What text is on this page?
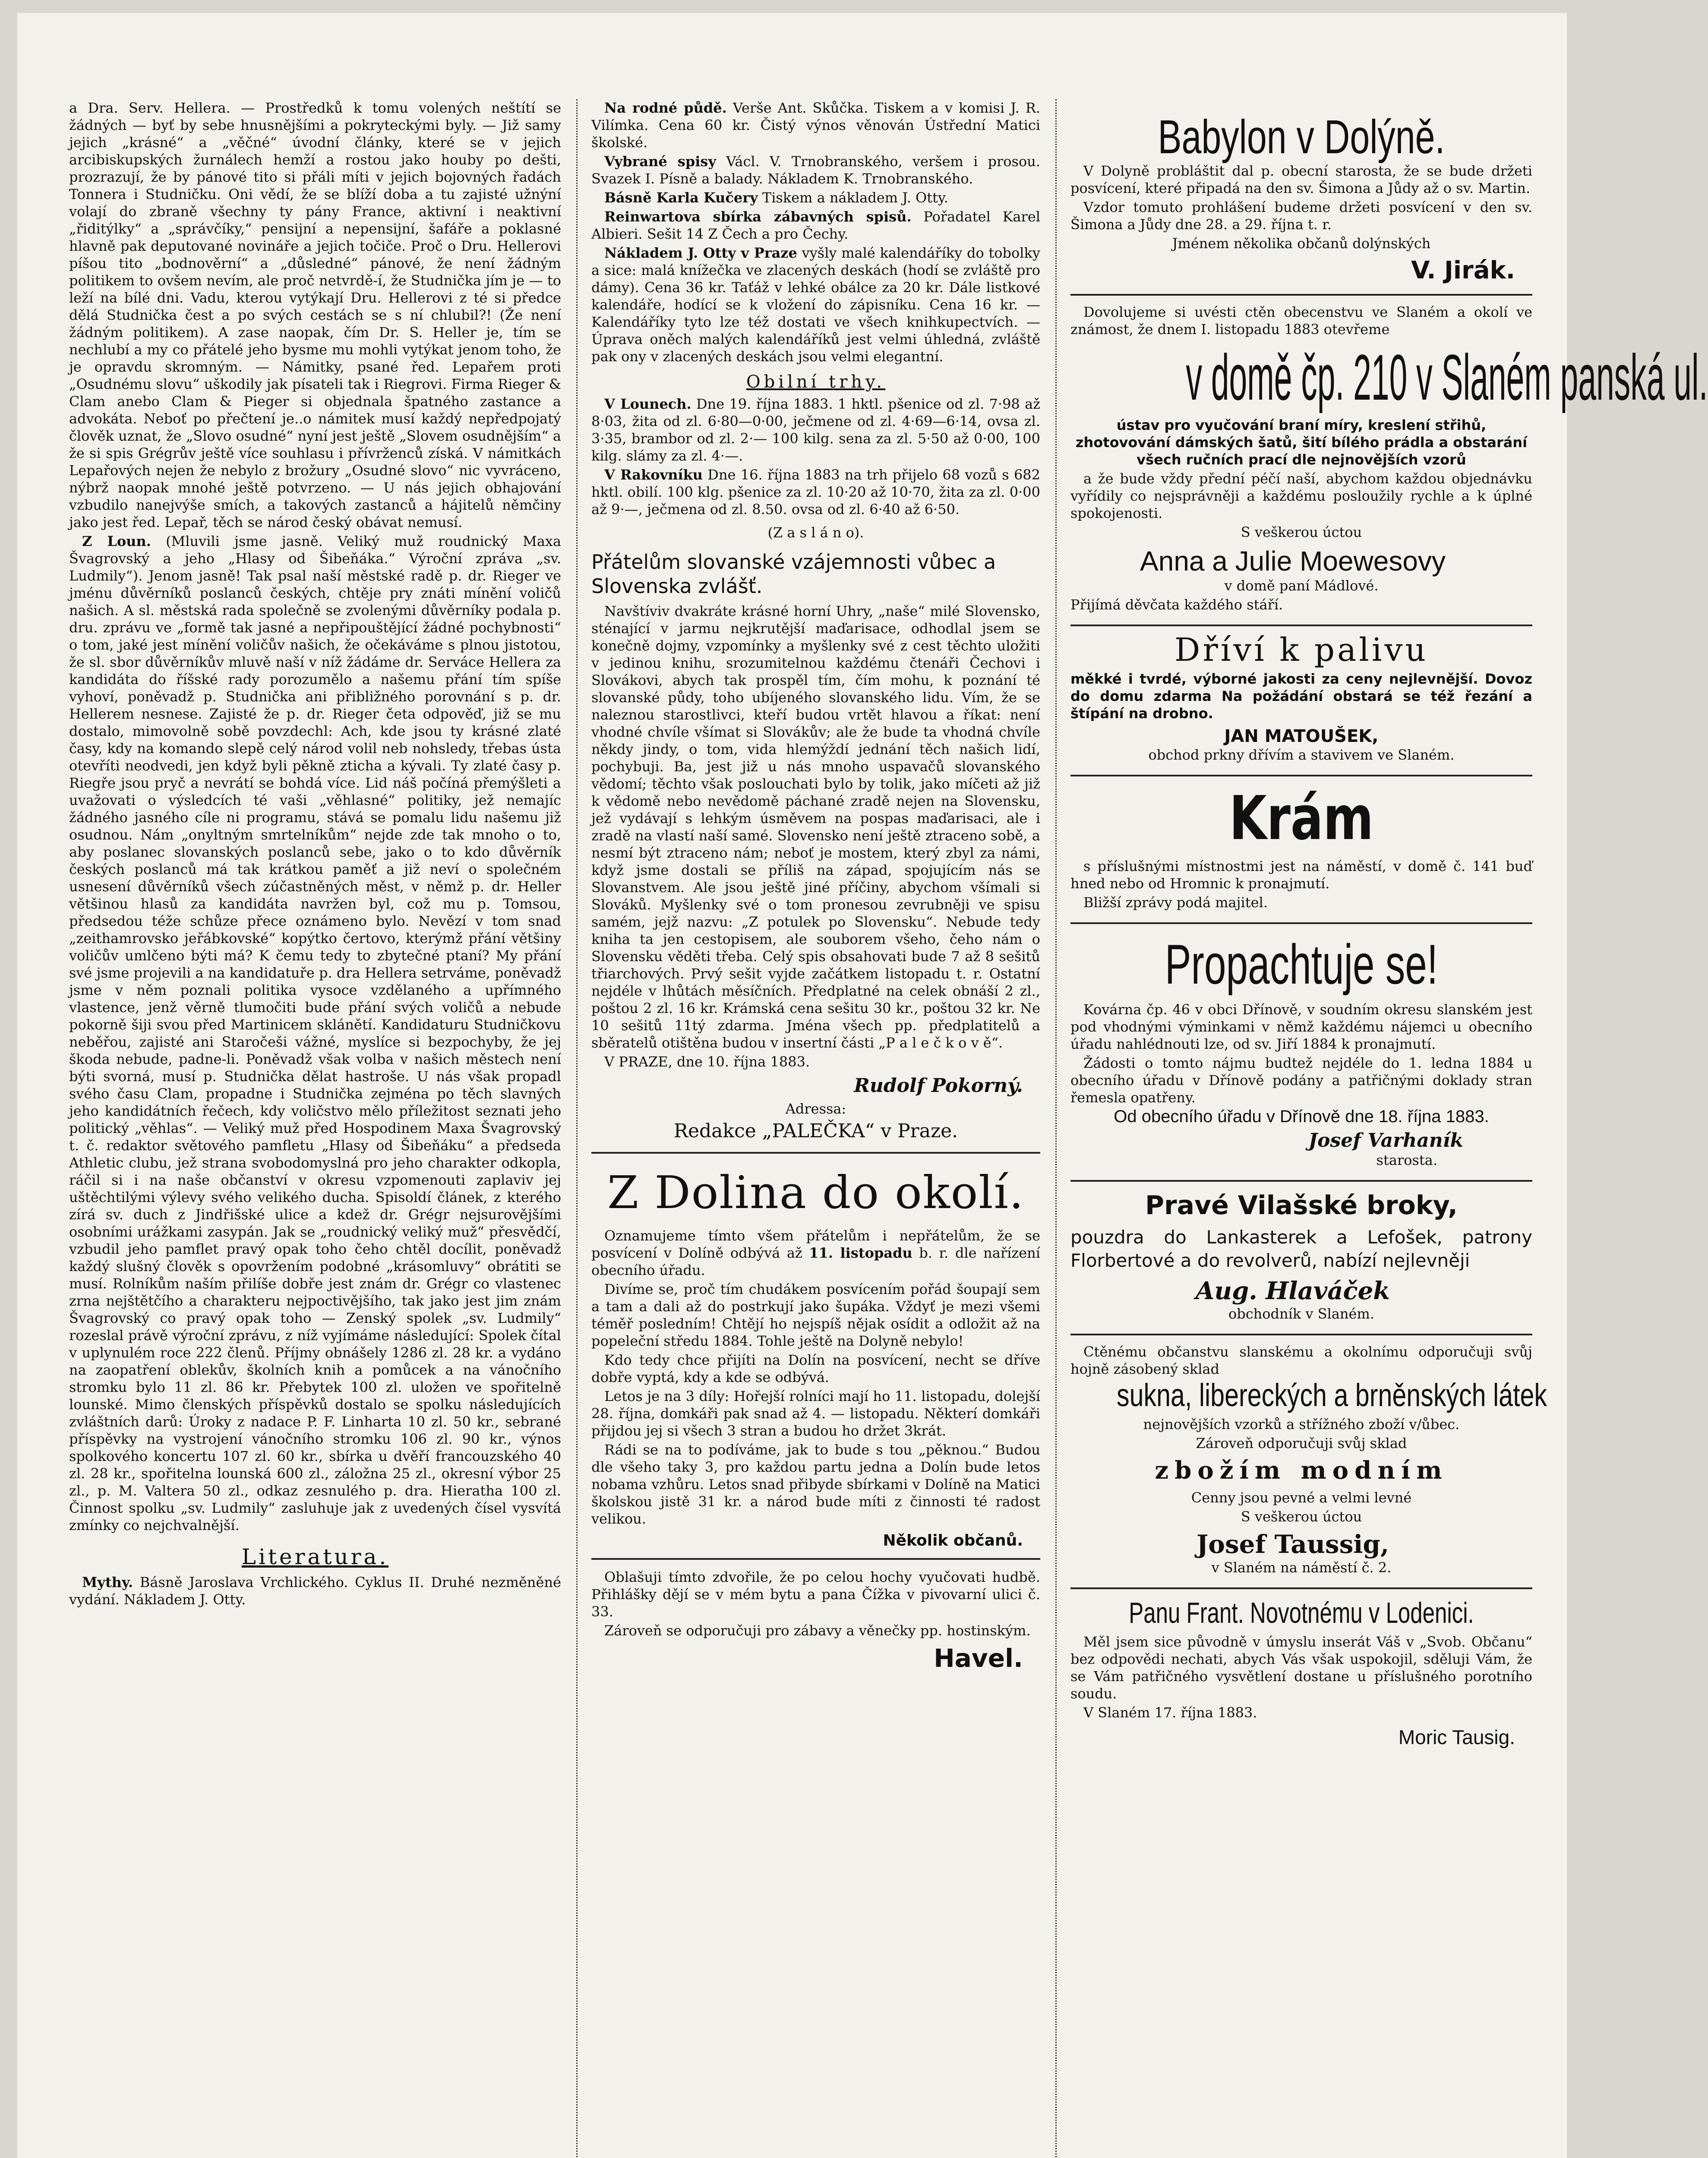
a Dra. Serv. Hellera. — Prostředků k tomu volených neštítí se žádných — byť by sebe hnusnějšími a pokryteckými byly. — Již samy jejich „krásné“ a „věčné“ úvodní články, které se v jejich arcibiskupských žurnálech hemží a rostou jako houby po dešti, prozrazují, že by pánové tito si přáli míti v jejich bojovných řadách Tonnera i Studničku. Oni vědí, že se blíží doba a tu zajisté užnýní volají do zbraně všechny ty pány France, aktivní i neaktivní „řiditýlky“ a „správčíky,“ pensijní a nepensijní, šafáře a poklasné hlavně pak deputované novináře a jejich točiče. Proč o Dru. Hellerovi píšou tito „bodnověrní“ a „důsledné“ pánové, že není žádným politikem to ovšem nevím, ale proč netvrdě-í, že Studnička jím je — to leží na bílé dni. Vadu, kterou vytýkají Dru. Hellerovi z té si předce dělá Studnička čest a po svých cestách se s ní chlubil?! (Že není žádným politikem). A zase naopak, čím Dr. S. Heller je, tím se nechlubí a my co přátelé jeho bysme mu mohli vytýkat jenom toho, že je opravdu skromným. — Námitky, psané řed. Lepařem proti „Osudnému slovu“ uškodily jak písateli tak i Riegrovi. Firma Rieger & Clam anebo Clam & Pieger si objednala špatného zastance a advokáta. Neboť po přečtení je..o námitek musí každý nepředpojatý člověk uznat, že „Slovo osudné“ nyní jest ještě „Slovem osudnějším“ a že si spis Grégrův ještě více souhlasu i přívrženců získá. V námitkách Lepařových nejen že nebylo z brožury „Osudné slovo“ nic vyvráceno, nýbrž naopak mnohé ještě potvrzeno. — U nás jejich obhajování vzbudilo nanejvýše smích, a takových zastanců a hájitelů němčiny jako jest řed. Lepař, těch se národ český obávat nemusí.

Z Loun. (Mluvili jsme jasně. Veliký muž roudnický Maxa Švagrovský a jeho „Hlasy od Šibeňáka.“ Výroční zpráva „sv. Ludmily“). Jenom jasně! Tak psal naší městské radě p. dr. Rieger ve jménu důvěrníků poslanců českých, chtěje pry znáti mínění voličů našich. A sl. městská rada společně se zvolenými důvěrníky podala p. dru. zprávu ve „formě tak jasné a nepřipouštějící žádné pochybnosti“ o tom, jaké jest mínění voličův našich, že očekáváme s plnou jistotou, že sl. sbor důvěrníkův mluvě naší v níž žádáme dr. Serváce Hellera za kandidáta do říšské rady porozumělo a našemu přání tím spíše vyhoví, poněvadž p. Studnička ani přibližného porovnání s p. dr. Hellerem nesnese. Zajisté že p. dr. Rieger četa odpověď, již se mu dostalo, mimovolně sobě povzdechl: Ach, kde jsou ty krásné zlaté časy, kdy na komando slepě celý národ volil neb nohsledy, třebas ústa otevříti neodvedi, jen když byli pěkně zticha a kývali. Ty zlaté časy p. Riegře jsou pryč a nevrátí se bohdá více. Lid náš počíná přemýšleti a uvažovati o výsledcích té vaši „věhlasné“ politiky, jež nemajíc žádného jasného cíle ni programu, stává se pomalu lidu našemu již osudnou. Nám „onyltným smrtelníkům“ nejde zde tak mnoho o to, aby poslanec slovanských poslanců sebe, jako o to kdo důvěrník českých poslanců má tak krátkou paměť a již neví o společném usnesení důvěrníků všech zúčastněných měst, v němž p. dr. Heller většinou hlasů za kandidáta navržen byl, což mu p. Tomsou, předsedou téže schůze přece oznámeno bylo. Nevězí v tom snad „zeithamrovsko jeřábkovské“ kopýtko čertovo, kterýmž přání většiny voličův umlčeno býti má? K čemu tedy to zbytečné ptaní? My přání své jsme projevili a na kandidatuře p. dra Hellera setrváme, poněvadž jsme v něm poznali politika vysoce vzdělaného a upřímného vlastence, jenž věrně tlumočiti bude přání svých voličů a nebude pokorně šiji svou před Martinicem sklánětí. Kandidaturu Studničkovu neběřou, zajisté ani Staročeši vážné, myslíce si bezpochyby, že jej škoda nebude, padne-li. Poněvadž však volba v našich městech není býti svorná, musí p. Studnička dělat hastroše. U nás však propadl svého času Clam, propadne i Studnička zejména po těch slavných jeho kandidátních řečech, kdy voličstvo mělo příležitost seznati jeho politický „věhlas“. — Veliký muž před Hospodinem Maxa Švagrovský t. č. redaktor světového pamfletu „Hlasy od Šibeňáku“ a předseda Athletic clubu, jež strana svobodomyslná pro jeho charakter odkopla, ráčil si i na naše občanství v okresu vzpomenouti zaplaviv jej uštěchtilými výlevy svého velikého ducha. Spisoldí článek, z kterého zírá sv. duch z Jindřišské ulice a kdež dr. Grégr nejsurovějšími osobními urážkami zasypán. Jak se „roudnický veliký muž“ přesvědčí, vzbudil jeho pamflet pravý opak toho čeho chtěl docílit, poněvadž každý slušný člověk s opovržením podobné „krásomluvy“ obrátiti se musí. Rolníkům naším přilíše dobře jest znám dr. Grégr co vlastenec zrna nejštětčího a charakteru nejpoctivějšího, tak jako jest jim znám Švagrovský co pravý opak toho — Zenský spolek „sv. Ludmily“ rozeslal právě výroční zprávu, z níž vyjímáme následující: Spolek čítal v uplynulém roce 222 členů. Příjmy obnášely 1286 zl. 28 kr. a vydáno na zaopatření oblekův, školních knih a pomůcek a na vánočního stromku bylo 11 zl. 86 kr. Přebytek 100 zl. uložen ve spořitelně lounské. Mimo členských příspěvků dostalo se spolku následujících zvláštních darů: Úroky z nadace P. F. Linharta 10 zl. 50 kr., sebrané příspěvky na vystrojení vánočního stromku 106 zl. 90 kr., výnos spolkového koncertu 107 zl. 60 kr., sbírka u dvěří francouzského 40 zl. 28 kr., spořitelna lounská 600 zl., záložna 25 zl., okresní výbor 25 zl., p. M. Valtera 50 zl., odkaz zesnulého p. dra. Hieratha 100 zl. Činnost spolku „sv. Ludmily“ zasluhuje jak z uvedených čísel vysvítá zmínky co nejchvalnější.

Literatura.

Mythy. Básně Jaroslava Vrchlického. Cyklus II. Druhé nezměněné vydání. Nákladem J. Otty.

Na rodné půdě. Verše Ant. Skůčka. Tiskem a v komisi J. R. Vilímka. Cena 60 kr. Čistý výnos věnován Ústřední Matici školské.

Vybrané spisy Václ. V. Trnobranského, veršem i prosou. Svazek I. Písně a balady. Nákladem K. Trnobranského.

Básně Karla Kučery Tiskem a nákladem J. Otty.

Reinwartova sbírka zábavných spisů. Pořadatel Karel Albieri. Sešit 14 Z Čech a pro Čechy.

Nákladem J. Otty v Praze vyšly malé kalendáříky do tobolky a sice: malá knížečka ve zlacených deskách (hodí se zvláště pro dámy). Cena 36 kr. Taťáž v lehké obálce za 20 kr. Dále listkové kalendáře, hodící se k vložení do zápisníku. Cena 16 kr. — Kalendáříky tyto lze též dostati ve všech knihkupectvích. — Úprava oněch malých kalendáříků jest velmi úhledná, zvláště pak ony v zlacených deskách jsou velmi elegantní.

Obilní trhy.

V Lounech. Dne 19. října 1883. 1 hktl. pšenice od zl. 7·98 až 8·03, žita od zl. 6·80—0·00, ječmene od zl. 4·69—6·14, ovsa zl. 3·35, brambor od zl. 2·— 100 kilg. sena za zl. 5·50 až 0·00, 100 kilg. slámy za zl. 4·—.

V Rakovníku Dne 16. října 1883 na trh přijelo 68 vozů s 682 hktl. obilí. 100 klg. pšenice za zl. 10·20 až 10·70, žita za zl. 0·00 až 9·—, ječmena od zl. 8.50. ovsa od zl. 6·40 až 6·50.

(Z a s l á n o).

Přátelům slovanské vzájemnosti vůbec a Slovenska zvlášť.

Navštíviv dvakráte krásné horní Uhry, „naše“ milé Slovensko, sténající v jarmu nejkrutější maďarisace, odhodlal jsem se konečně dojmy, vzpomínky a myšlenky své z cest těchto uložiti v jedinou knihu, srozumitelnou každému čtenáři Čechovi i Slovákovi, abych tak prospěl tím, čím mohu, k poznání té slovanské půdy, toho ubíjeného slovanského lidu. Vím, že se naleznou starostlivci, kteří budou vrtět hlavou a říkat: není vhodné chvíle všímat si Slovákův; ale že bude ta vhodná chvíle někdy jindy, o tom, vida hlemýždí jednání těch našich lidí, pochybuji. Ba, jest již u nás mnoho uspavačů slovanského vědomí; těchto však poslouchati bylo by tolik, jako míčeti až již k vědomě nebo nevědomě páchané zradě nejen na Slovensku, jež vydávají s lehkým úsměvem na pospas maďarisaci, ale i zradě na vlastí naší samé. Slovensko není ještě ztraceno sobě, a nesmí být ztraceno nám; neboť je mostem, který zbyl za námi, když jsme dostali se příliš na západ, spojujícím nás se Slovanstvem. Ale jsou ještě jiné příčiny, abychom všímali si Slováků. Myšlenky své o tom pronesou zevrubněji ve spisu samém, jejž nazvu: „Z potulek po Slovensku“. Nebude tedy kniha ta jen cestopisem, ale souborem všeho, čeho nám o Slovensku věděti třeba. Celý spis obsahovati bude 7 až 8 sešitů třiarchových. Prvý sešit vyjde začátkem listopadu t. r. Ostatní nejdéle v lhůtách měsíčních. Předplatné na celek obnáší 2 zl., poštou 2 zl. 16 kr. Krámská cena sešitu 30 kr., poštou 32 kr. Ne 10 sešitů 11tý zdarma. Jména všech pp. předplatitelů a sběratelů otištěna budou v insertní části „P a l e č k o v ě“.

V PRAZE, dne 10. října 1883.

Rudolf Pokorný.

Adressa:

Redakce „PALEČKA“ v Praze.

Z Dolina do okolí.

Oznamujeme tímto všem přátelům i nepřátelům, že se posvícení v Dolíně odbývá až 11. listopadu b. r. dle nařízení obecního úřadu.

Divíme se, proč tím chudákem posvícením pořád šoupají sem a tam a dali až do postrkují jako šupáka. Vždyť je mezi všemi téměř posledním! Chtějí ho nejspíš nějak osídit a odložit až na popeleční středu 1884. Tohle ještě na Dolyně nebylo!

Kdo tedy chce přijíti na Dolín na posvícení, necht se dříve dobře vyptá, kdy a kde se odbývá.

Letos je na 3 díly: Hořejší rolníci mají ho 11. listopadu, dolejší 28. října, domkáři pak snad až 4. — listopadu. Některí domkáři přijdou jej si všech 3 stran a budou ho držet 3krát.

Rádi se na to podíváme, jak to bude s tou „pěknou.“ Budou dle všeho taky 3, pro každou partu jedna a Dolín bude letos nobama vzhůru. Letos snad přibyde sbírkami v Dolíně na Matici školskou jistě 31 kr. a národ bude míti z činnosti té radost velikou.

Několik občanů.

Oblašuji tímto zdvořile, že po celou hochy vyučovati hudbě. Přihlášky dějí se v mém bytu a pana Čížka v pivovarní ulici č. 33.

Zároveň se odporučuji pro zábavy a věnečky pp. hostinským.

Havel.
Babylon v Dolýně.

V Dolyně probláštit dal p. obecní starosta, že se bude držeti posvícení, které připadá na den sv. Šimona a Jůdy až o sv. Martin.

Vzdor tomuto prohlášení budeme držeti posvícení v den sv. Šimona a Jůdy dne 28. a 29. října t. r.

Jménem několika občanů dolýnských

V. Jirák.

Dovolujeme si uvésti ctěn obecenstvu ve Slaném a okolí ve známost, že dnem I. listopadu 1883 otevřeme

v domě čp. 210 v Slaném panská ul.

ústav pro vyučování braní míry, kreslení střihů, zhotovování dámských šatů, šití bílého prádla a obstarání všech ručních prací dle nejnovějších vzorů

a že bude vždy přední péčí naší, abychom každou objednávku vyřídily co nejsprávněji a každému posloužily rychle a k úplné spokojenosti.

S veškerou úctou

Anna a Julie Moewesovy

v domě paní Mádlové.

Přijímá děvčata každého stáří.

Dříví k palivu

měkké i tvrdé, výborné jakosti za ceny nejlevnější. Dovoz do domu zdarma Na požádání obstará se též řezání a štípání na drobno.

JAN MATOUŠEK,

obchod prkny dřívím a stavivem ve Slaném.

Krám

s příslušnými místnostmi jest na náměstí, v domě č. 141 buď hned nebo od Hromnic k pronajmutí.

Bližší zprávy podá majitel.

Propachtuje se!

Kovárna čp. 46 v obci Dřínově, v soudním okresu slanském jest pod vhodnými výminkami v němž každému nájemci u obecního úřadu nahlédnouti lze, od sv. Jiří 1884 k pronajmutí.

Žádosti o tomto nájmu budtež nejdéle do 1. ledna 1884 u obecního úřadu v Dřínově podány a patřičnými doklady stran řemesla opatřeny.

Od obecního úřadu v Dřínově dne 18. října 1883.

Josef Varhaník

starosta.

Pravé Vilašské broky,

pouzdra do Lankasterek a Lefošek, patrony Florbertové a do revolverů, nabízí nejlevněji

Aug. Hlaváček

obchodník v Slaném.

Ctěnému občanstvu slanskému a okolnímu odporučuji svůj hojně zásobený sklad

sukna, libereckých a brněnských látek

nejnovějších vzorků a střížného zboží v/ůbec.

Zároveň odporučuji svůj sklad

zbožím modním

Cenny jsou pevné a velmi levné

S veškerou úctou

Josef Taussig,

v Slaném na náměstí č. 2.

Panu Frant. Novotnému v Lodenici.

Měl jsem sice původně v úmyslu inserát Váš v „Svob. Občanu“ bez odpovědi nechati, abych Vás však uspokojil, sděluji Vám, že se Vám patřičného vysvětlení dostane u příslušného porotního soudu.

V Slaném 17. října 1883.

Moric Tausig.
